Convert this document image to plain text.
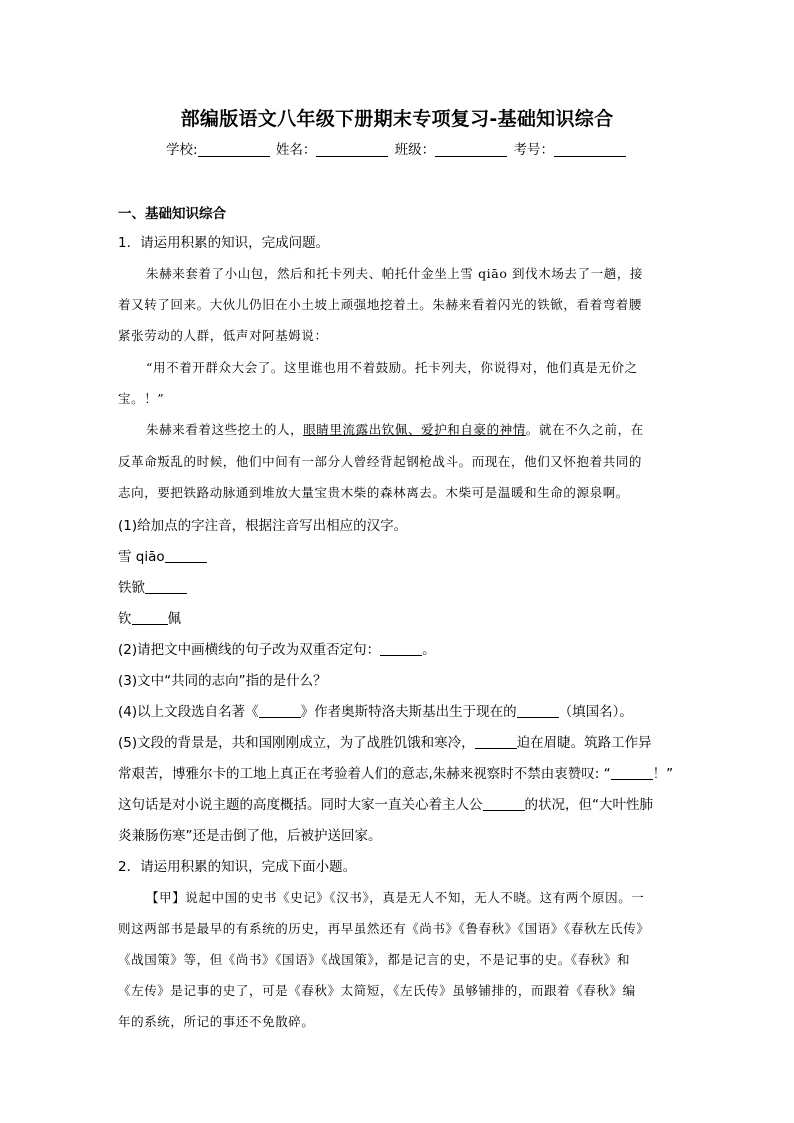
部编版语文八年级下册期末专项复习-基础知识综合
学校:	姓名：	班级：	考号：
一、基础知识综合
1．请运用积累的知识，完成问题。
朱赫来套着了小山包，然后和托卡列夫、帕托什金坐上雪 qiāo 到伐木场去了一趟，接
着又转了回来。大伙儿仍旧在小土坡上顽强地挖着土。朱赫来看着闪光的铁锨，看着弯着腰
紧张劳动的人群，低声对阿基姆说：
“用不着开群众大会了。这里谁也用不着鼓励。托卡列夫，你说得对，他们真是无价之
宝。！”
朱赫来看着这些挖土的人，眼睛里流露出钦佩、爱护和自豪的神情。就在不久之前，在
反革命叛乱的时候，他们中间有一部分人曾经背起钢枪战斗。而现在，他们又怀抱着共同的
志向，要把铁路动脉通到堆放大量宝贵木柴的森林离去。木柴可是温暖和生命的源泉啊。
(1)给加点的字注音，根据注音写出相应的汉字。
雪 qiāo
铁锨
钦	佩
(2)请把文中画横线的句子改为双重否定句：	。
(3)文中“共同的志向”指的是什么？
(4)以上文段选自名著《	》作者奥斯特洛夫斯基出生于现在的	（填国名）。
(5)文段的背景是，共和国刚刚成立，为了战胜饥饿和寒冷，	迫在眉睫。筑路工作异
常艰苦，博雅尔卡的工地上真正在考验着人们的意志,朱赫来视察时不禁由衷赞叹: “	！”
这句话是对小说主题的高度概括。同时大家一直关心着主人公	的状况，但“大叶性肺
炎兼肠伤寒”还是击倒了他，后被护送回家。
2．请运用积累的知识，完成下面小题。
【甲】说起中国的史书《史记》《汉书》，真是无人不知，无人不晓。这有两个原因。一
则这两部书是最早的有系统的历史，再早虽然还有《尚书》《鲁春秋》《国语》《春秋左氏传》
《战国策》等，但《尚书》《国语》《战国策》，都是记言的史，不是记事的史。《春秋》和
《左传》是记事的史了，可是《春秋》太简短，《左氏传》虽够铺排的，而跟着《春秋》编
年的系统，所记的事还不免散碎。
